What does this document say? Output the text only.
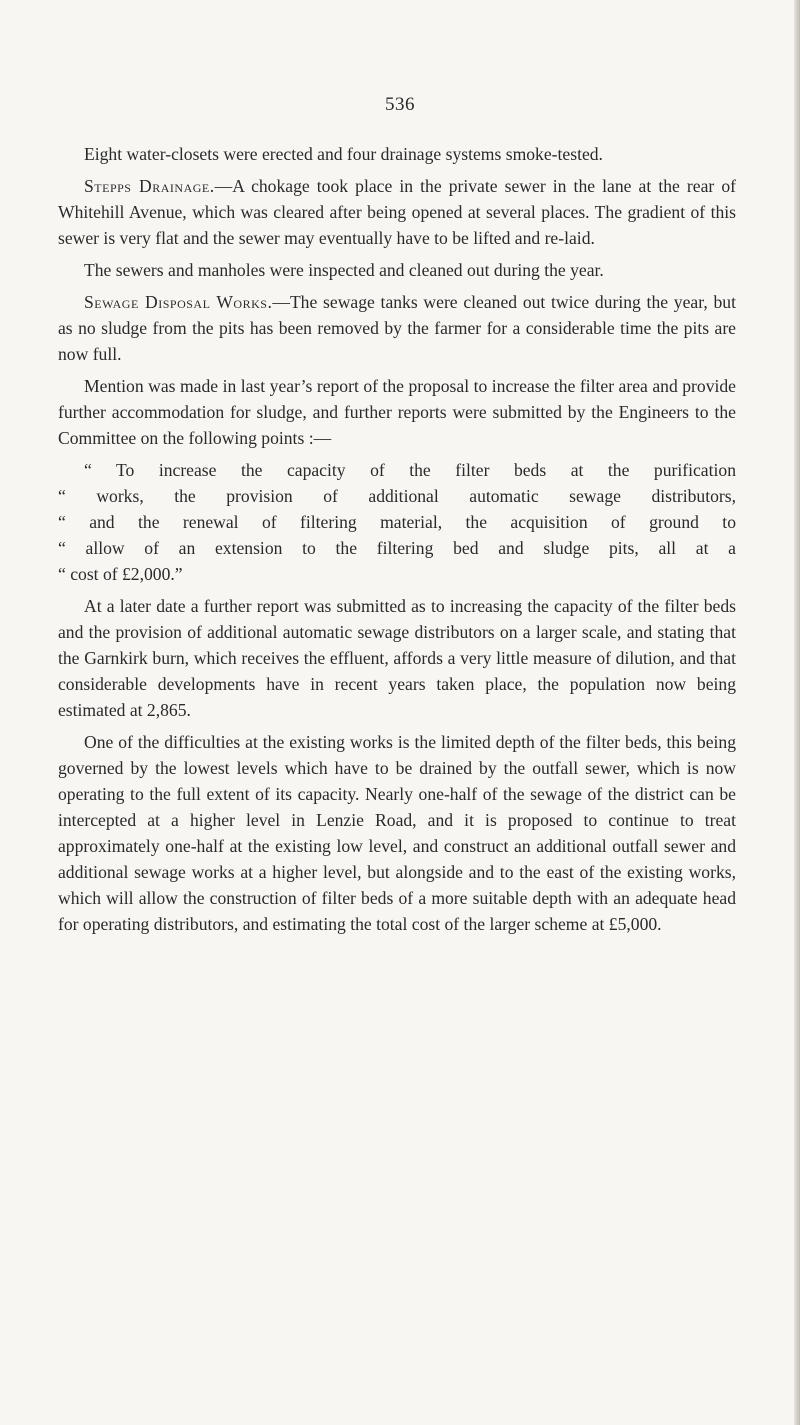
536

Eight water-closets were erected and four drainage systems smoke-tested.

Stepps Drainage.—A chokage took place in the private sewer in the lane at the rear of Whitehill Avenue, which was cleared after being opened at several places. The gradient of this sewer is very flat and the sewer may eventually have to be lifted and re-laid.

The sewers and manholes were inspected and cleaned out during the year.

Sewage Disposal Works.—The sewage tanks were cleaned out twice during the year, but as no sludge from the pits has been removed by the farmer for a considerable time the pits are now full.

Mention was made in last year’s report of the proposal to increase the filter area and provide further accommodation for sludge, and further reports were submitted by the Engineers to the Committee on the following points :—

“ To increase the capacity of the filter beds at the purification
“ works, the provision of additional automatic sewage distributors,
“ and the renewal of filtering material, the acquisition of ground to
“ allow of an extension to the filtering bed and sludge pits, all at a
“ cost of £2,000.”

At a later date a further report was submitted as to increasing the capacity of the filter beds and the provision of additional automatic sewage distributors on a larger scale, and stating that the Garnkirk burn, which receives the effluent, affords a very little measure of dilution, and that considerable developments have in recent years taken place, the population now being estimated at 2,865.

One of the difficulties at the existing works is the limited depth of the filter beds, this being governed by the lowest levels which have to be drained by the outfall sewer, which is now operating to the full extent of its capacity. Nearly one-half of the sewage of the district can be intercepted at a higher level in Lenzie Road, and it is proposed to continue to treat approximately one-half at the existing low level, and construct an additional outfall sewer and additional sewage works at a higher level, but alongside and to the east of the existing works, which will allow the construction of filter beds of a more suitable depth with an adequate head for operating distributors, and estimating the total cost of the larger scheme at £5,000.
